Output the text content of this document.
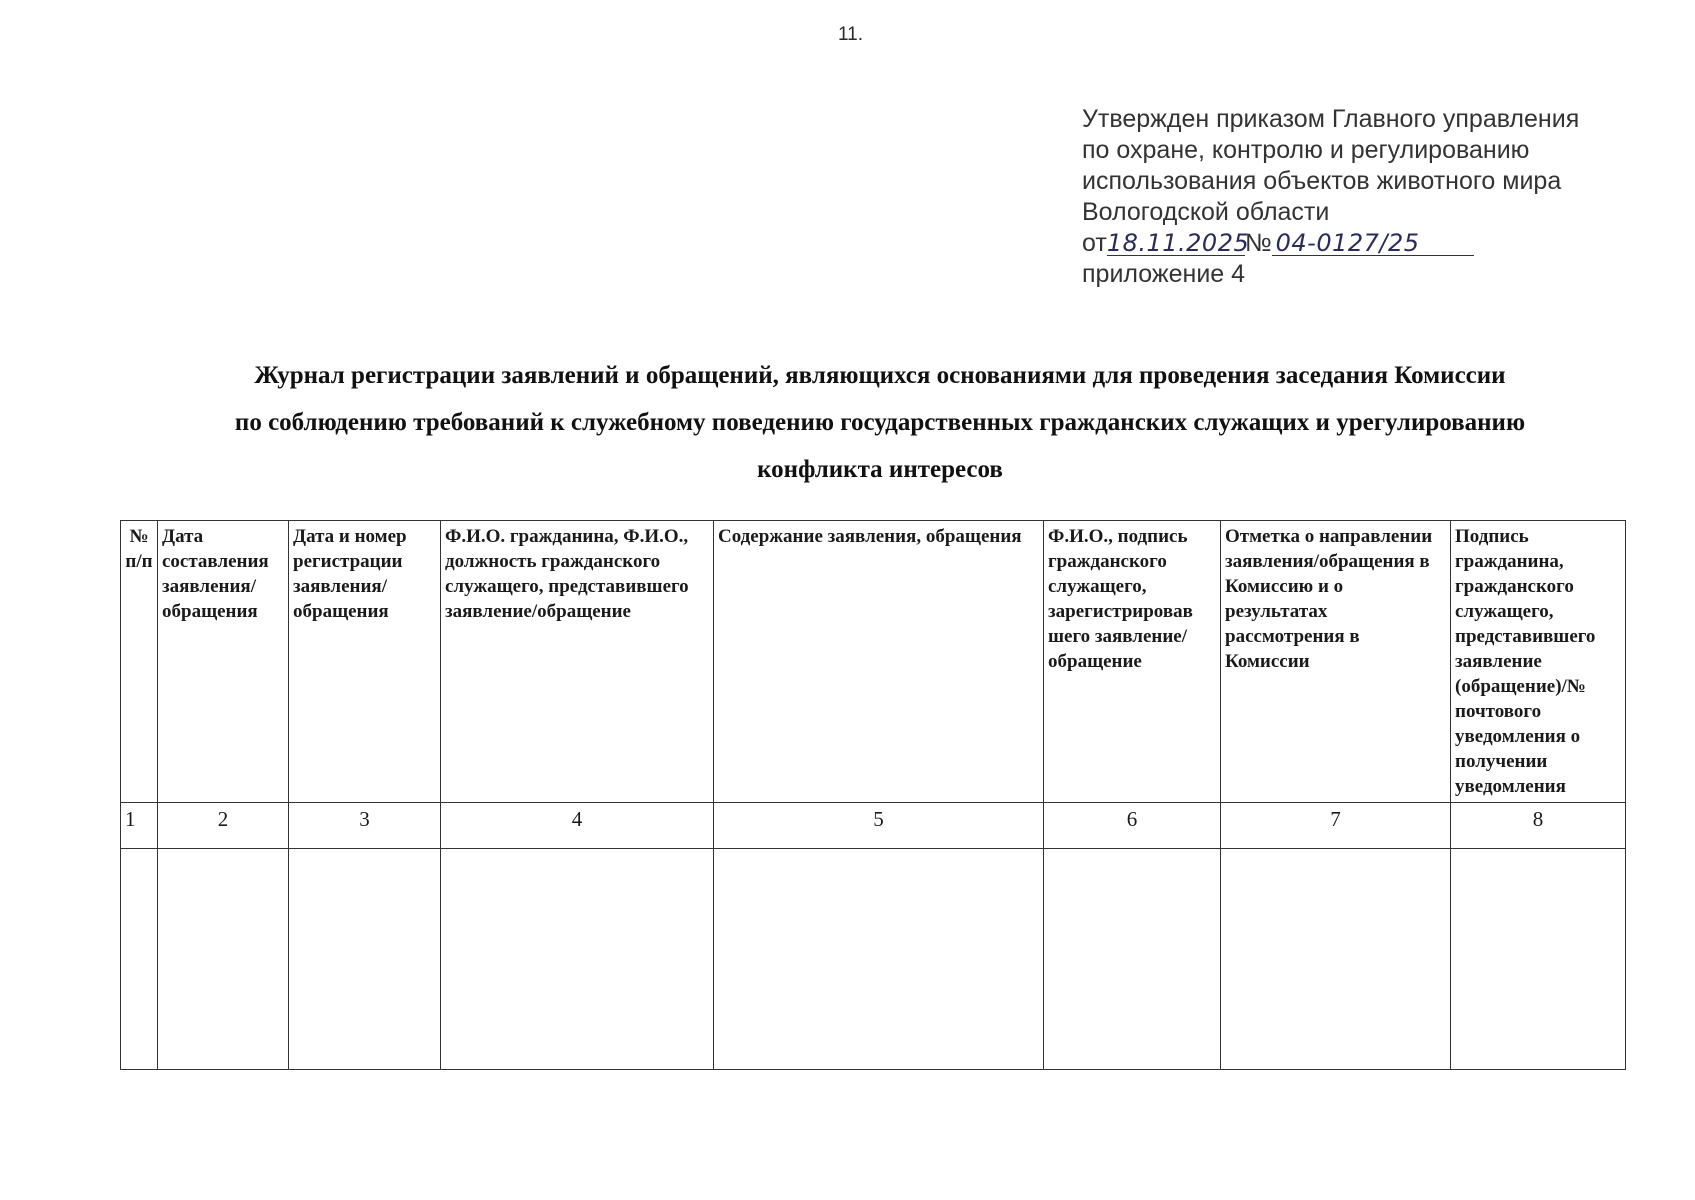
11.
Утвержден приказом Главного управления
по охране, контролю и регулированию
использования объектов животного мира
Вологодской области
от18.11.2025№ 04-0127/25
приложение 4
Журнал регистрации заявлений и обращений, являющихся основаниями для проведения заседания Комиссии
по соблюдению требований к служебному поведению государственных гражданских служащих и урегулированию
конфликта интересов
№ п/п	Дата составления заявления/ обращения	Дата и номер регистрации заявления/ обращения	Ф.И.О. гражданина, Ф.И.О., должность гражданского служащего, представившего заявление/обращение	Содержание заявления, обращения	Ф.И.О., подпись гражданского служащего, зарегистрировав шего заявление/ обращение	Отметка о направлении заявления/обращения в Комиссию и о результатах рассмотрения в Комиссии	Подпись гражданина, гражданского служащего, представившего заявление (обращение)/№ почтового уведомления о получении уведомления
1	2	3	4	5	6	7	8
